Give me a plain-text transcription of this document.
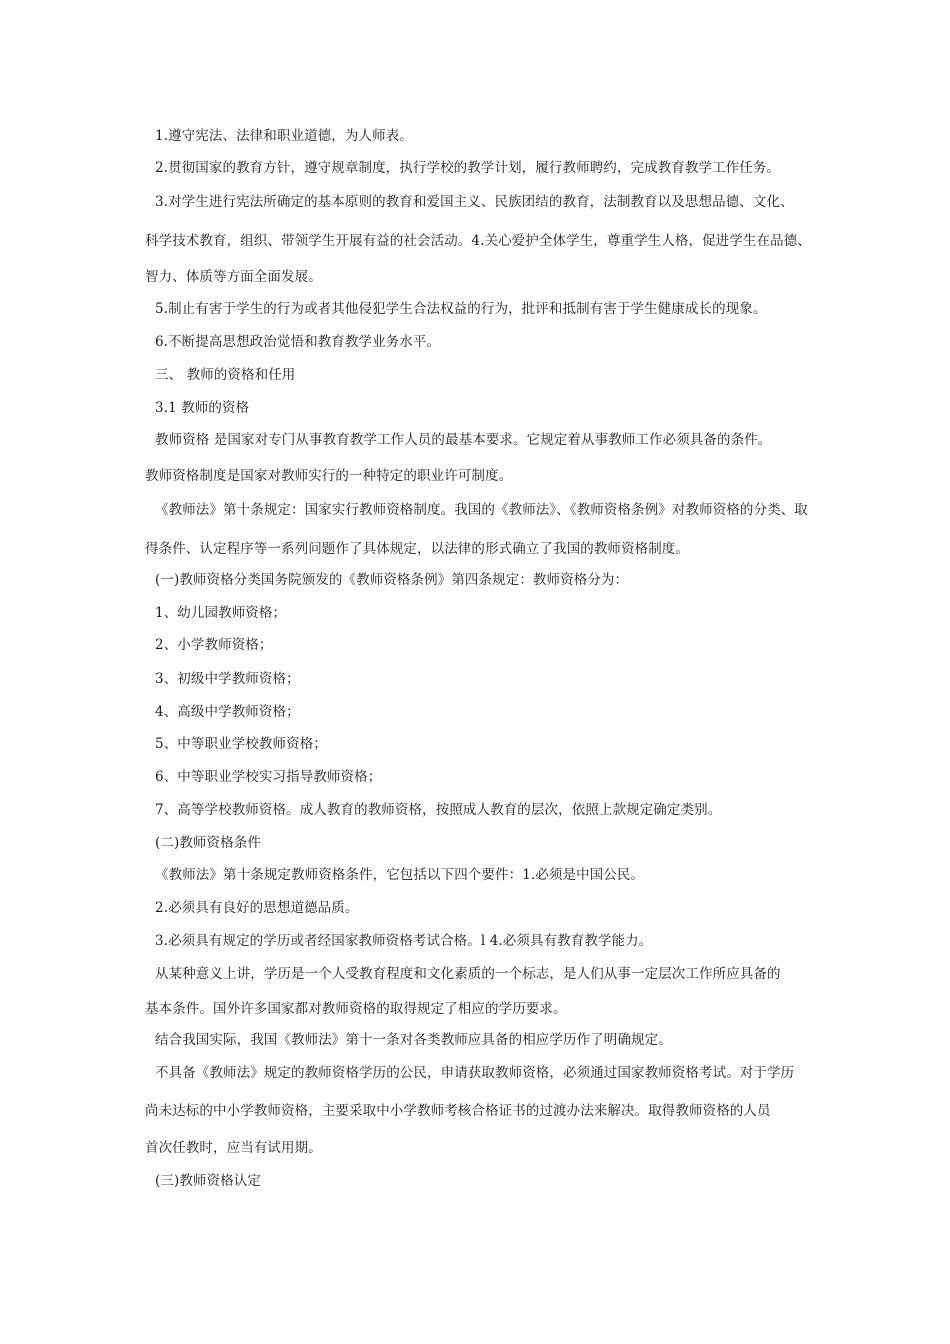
1.遵守宪法、法律和职业道德，为人师表。
2.贯彻国家的教育方针，遵守规章制度，执行学校的教学计划，履行教师聘约，完成教育教学工作任务。
3.对学生进行宪法所确定的基本原则的教育和爱国主义、民族团结的教育，法制教育以及思想品德、文化、
科学技术教育，组织、带领学生开展有益的社会活动。4.关心爱护全体学生，尊重学生人格，促进学生在品德、
智力、体质等方面全面发展。
5.制止有害于学生的行为或者其他侵犯学生合法权益的行为，批评和抵制有害于学生健康成长的现象。
6.不断提高思想政治觉悟和教育教学业务水平。
三、 教师的资格和任用
3.1 教师的资格
教师资格 是国家对专门从事教育教学工作人员的最基本要求。它规定着从事教师工作必须具备的条件。
教师资格制度是国家对教师实行的一种特定的职业许可制度。
《教师法》第十条规定：国家实行教师资格制度。我国的《教师法》、《教师资格条例》对教师资格的分类、取
得条件、认定程序等一系列问题作了具体规定，以法律的形式确立了我国的教师资格制度。
(一)教师资格分类国务院颁发的《教师资格条例》第四条规定：教师资格分为：
1、幼儿园教师资格；
2、小学教师资格；
3、初级中学教师资格；
4、高级中学教师资格；
5、中等职业学校教师资格；
6、中等职业学校实习指导教师资格；
7、高等学校教师资格。成人教育的教师资格，按照成人教育的层次，依照上款规定确定类别。
(二)教师资格条件
《教师法》第十条规定教师资格条件，它包括以下四个要件：1.必须是中国公民。
2.必须具有良好的思想道德品质。
3.必须具有规定的学历或者经国家教师资格考试合格。l 4.必须具有教育教学能力。
从某种意义上讲，学历是一个人受教育程度和文化素质的一个标志，是人们从事一定层次工作所应具备的
基本条件。国外许多国家都对教师资格的取得规定了相应的学历要求。
结合我国实际，我国《教师法》第十一条对各类教师应具备的相应学历作了明确规定。
不具备《教师法》规定的教师资格学历的公民，申请获取教师资格，必须通过国家教师资格考试。对于学历
尚未达标的中小学教师资格，主要采取中小学教师考核合格证书的过渡办法来解决。取得教师资格的人员
首次任教时，应当有试用期。
(三)教师资格认定
